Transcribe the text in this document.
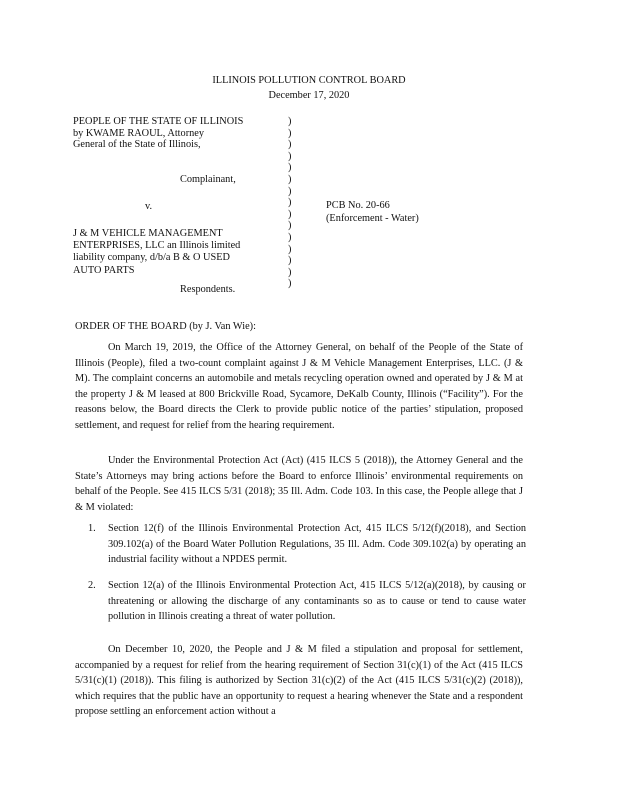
ILLINOIS POLLUTION CONTROL BOARD
December 17, 2020
PEOPLE OF THE STATE OF ILLINOIS
by KWAME RAOUL, Attorney
General of the State of Illinois,
Complainant,
v.
J & M VEHICLE MANAGEMENT
ENTERPRISES, LLC an Illinois limited
liability company, d/b/a B & O USED
AUTO PARTS
Respondents.
)
)
)
)
)
)
)
)
)
)
)
)
)
)
)
PCB No. 20-66
(Enforcement - Water)
ORDER OF THE BOARD (by J. Van Wie):

On March 19, 2019, the Office of the Attorney General, on behalf of the People of the State of Illinois (People), filed a two-count complaint against J & M Vehicle Management Enterprises, LLC. (J & M). The complaint concerns an automobile and metals recycling operation owned and operated by J & M at the property J & M leased at 800 Brickville Road, Sycamore, DeKalb County, Illinois (“Facility”). For the reasons below, the Board directs the Clerk to provide public notice of the parties’ stipulation, proposed settlement, and request for relief from the hearing requirement.

Under the Environmental Protection Act (Act) (415 ILCS 5 (2018)), the Attorney General and the State’s Attorneys may bring actions before the Board to enforce Illinois’ environmental requirements on behalf of the People. See 415 ILCS 5/31 (2018); 35 Ill. Adm. Code 103. In this case, the People allege that J & M violated:

1. Section 12(f) of the Illinois Environmental Protection Act, 415 ILCS 5/12(f)(2018), and Section 309.102(a) of the Board Water Pollution Regulations, 35 Ill. Adm. Code 309.102(a) by operating an industrial facility without a NPDES permit.
2. Section 12(a) of the Illinois Environmental Protection Act, 415 ILCS 5/12(a)(2018), by causing or threatening or allowing the discharge of any contaminants so as to cause or tend to cause water pollution in Illinois creating a threat of water pollution.

On December 10, 2020, the People and J & M filed a stipulation and proposal for settlement, accompanied by a request for relief from the hearing requirement of Section 31(c)(1) of the Act (415 ILCS 5/31(c)(1) (2018)). This filing is authorized by Section 31(c)(2) of the Act (415 ILCS 5/31(c)(2) (2018)), which requires that the public have an opportunity to request a hearing whenever the State and a respondent propose settling an enforcement action without a
